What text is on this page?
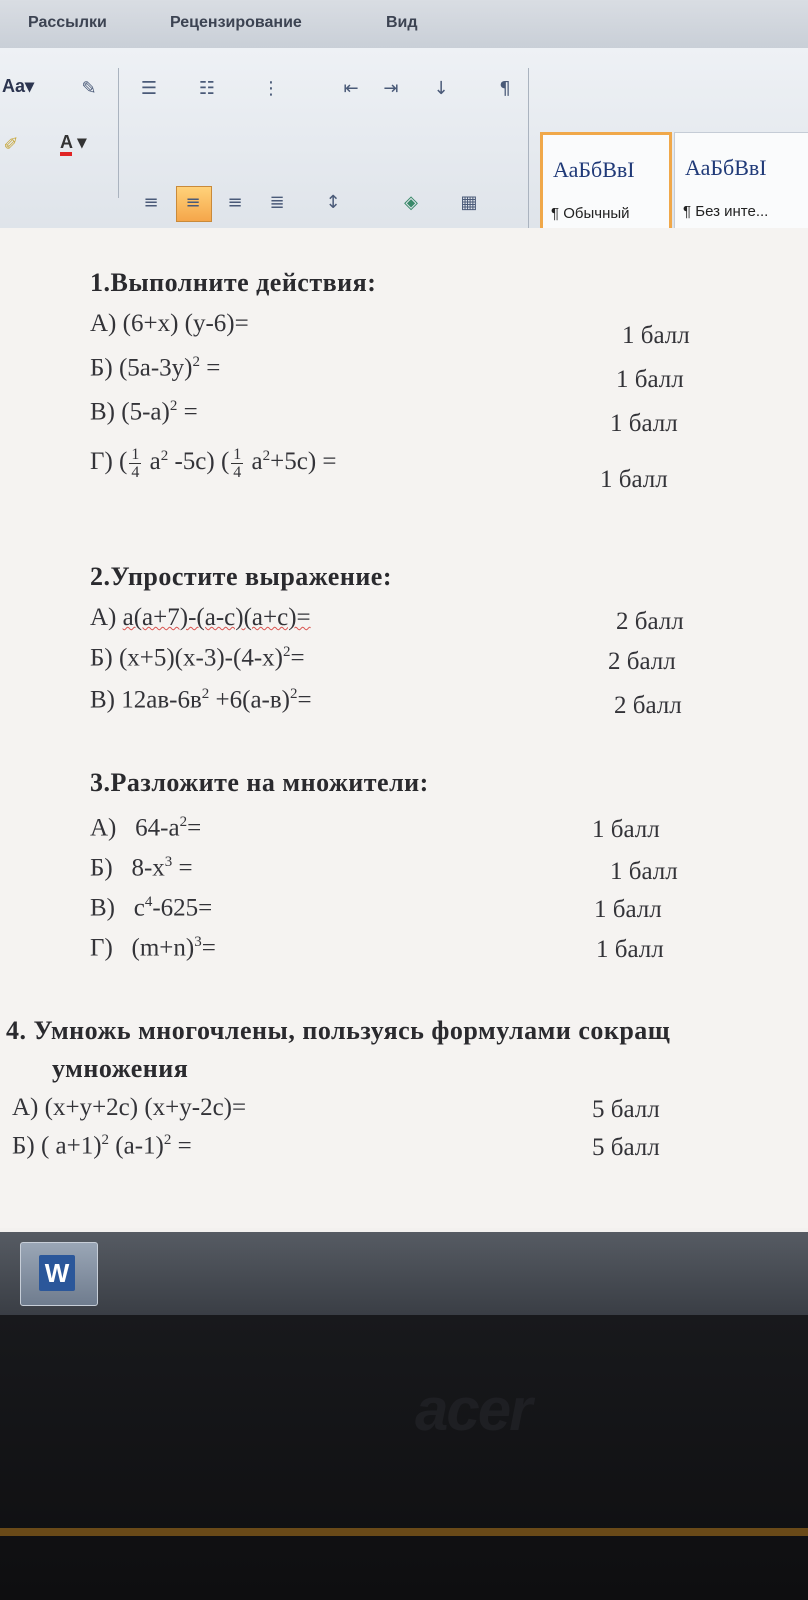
Рассылки	Рецензирование	Вид
Aa▾	✎
✐ A ▾
☰ ☷	⋮	⇤ ⇥ ↓	¶
≡ ≡ ≡ ≣ ↕	◈ ▦
АаБбВвI
¶ Обычный
АаБбВвI
¶ Без инте...
1.Выполните действия:
А) (6+x) (y-6)=	1 балл
Б) $(5a-3y)^2$ =	1 балл
В) $(5-a)^2$ =	1 балл
Г) ( $\frac{1}{4} a^2$ -5c) ( $\frac{1}{4} a^2+5c$) =
1 балл
2.Упростите выражение:
А) a(a+7)-(a-c)(a+c)=	2 балл
Б) $(x+5)(x-3)-(4-x)^2=$	2 балл
В) $12ав-6в^2 +6(a-в)^2=$	2 балл
3.Разложите на множители:
А) $64-a^2=$	1 балл
Б) $8-x^3$ =	1 балл
В) $c^4-625=$	1 балл
Г) $(m+n)^3=$	1 балл
4. Умножь многочлены, пользуясь формулами сокращ
умножения
А) (x+y+2c) (x+y-2c)=	5 балл
Б) ( a+1)$^2$ $(a-1)^2$ =	5 балл
W
acer
